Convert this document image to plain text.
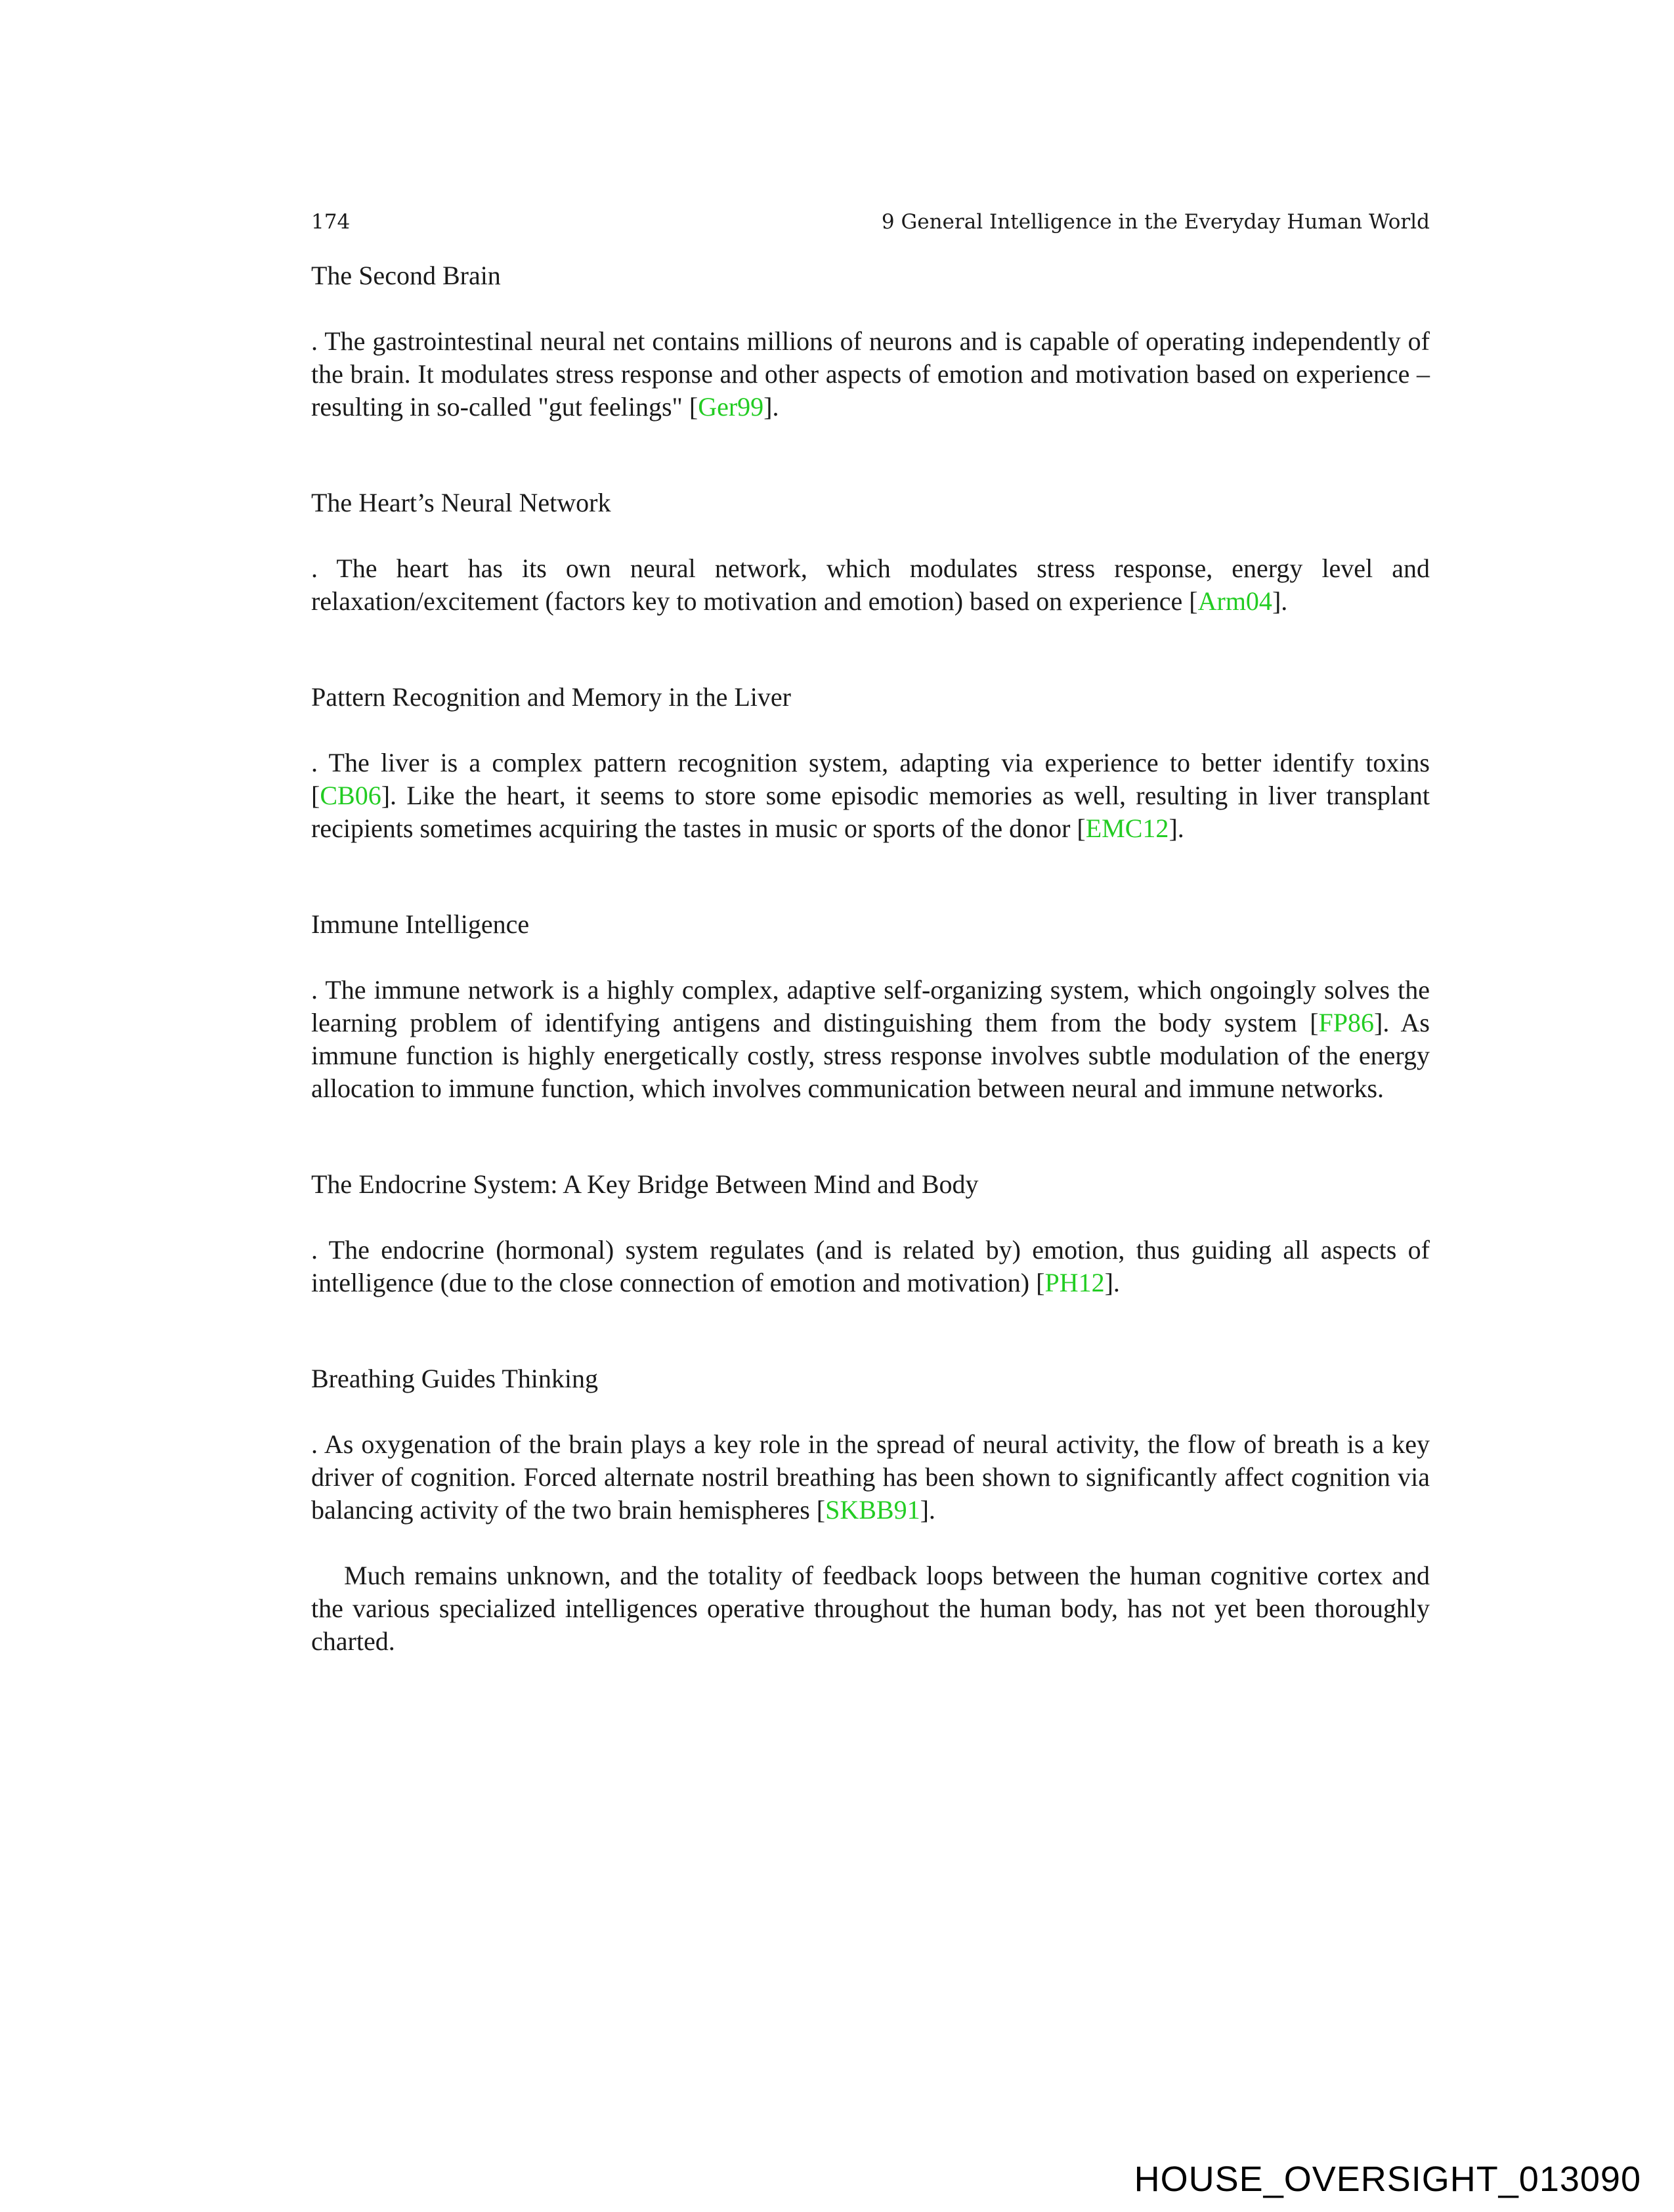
174	9 General Intelligence in the Everyday Human World
The Second Brain

. The gastrointestinal neural net contains millions of neurons and is capable of operating independently of the brain. It modulates stress response and other aspects of emotion and motivation based on experience – resulting in so-called "gut feelings" [Ger99].

The Heart’s Neural Network

. The heart has its own neural network, which modulates stress response, energy level and relaxation/excitement (factors key to motivation and emotion) based on experience [Arm04].

Pattern Recognition and Memory in the Liver

. The liver is a complex pattern recognition system, adapting via experience to better identify toxins [CB06]. Like the heart, it seems to store some episodic memories as well, resulting in liver transplant recipients sometimes acquiring the tastes in music or sports of the donor [EMC12].

Immune Intelligence

. The immune network is a highly complex, adaptive self-organizing system, which ongoingly solves the learning problem of identifying antigens and distinguishing them from the body system [FP86]. As immune function is highly energetically costly, stress response involves subtle modulation of the energy allocation to immune function, which involves communication between neural and immune networks.

The Endocrine System: A Key Bridge Between Mind and Body

. The endocrine (hormonal) system regulates (and is related by) emotion, thus guiding all aspects of intelligence (due to the close connection of emotion and motivation) [PH12].

Breathing Guides Thinking

. As oxygenation of the brain plays a key role in the spread of neural activity, the flow of breath is a key driver of cognition. Forced alternate nostril breathing has been shown to significantly affect cognition via balancing activity of the two brain hemispheres [SKBB91].

Much remains unknown, and the totality of feedback loops between the human cognitive cortex and the various specialized intelligences operative throughout the human body, has not yet been thoroughly charted.

HOUSE_OVERSIGHT_013090
